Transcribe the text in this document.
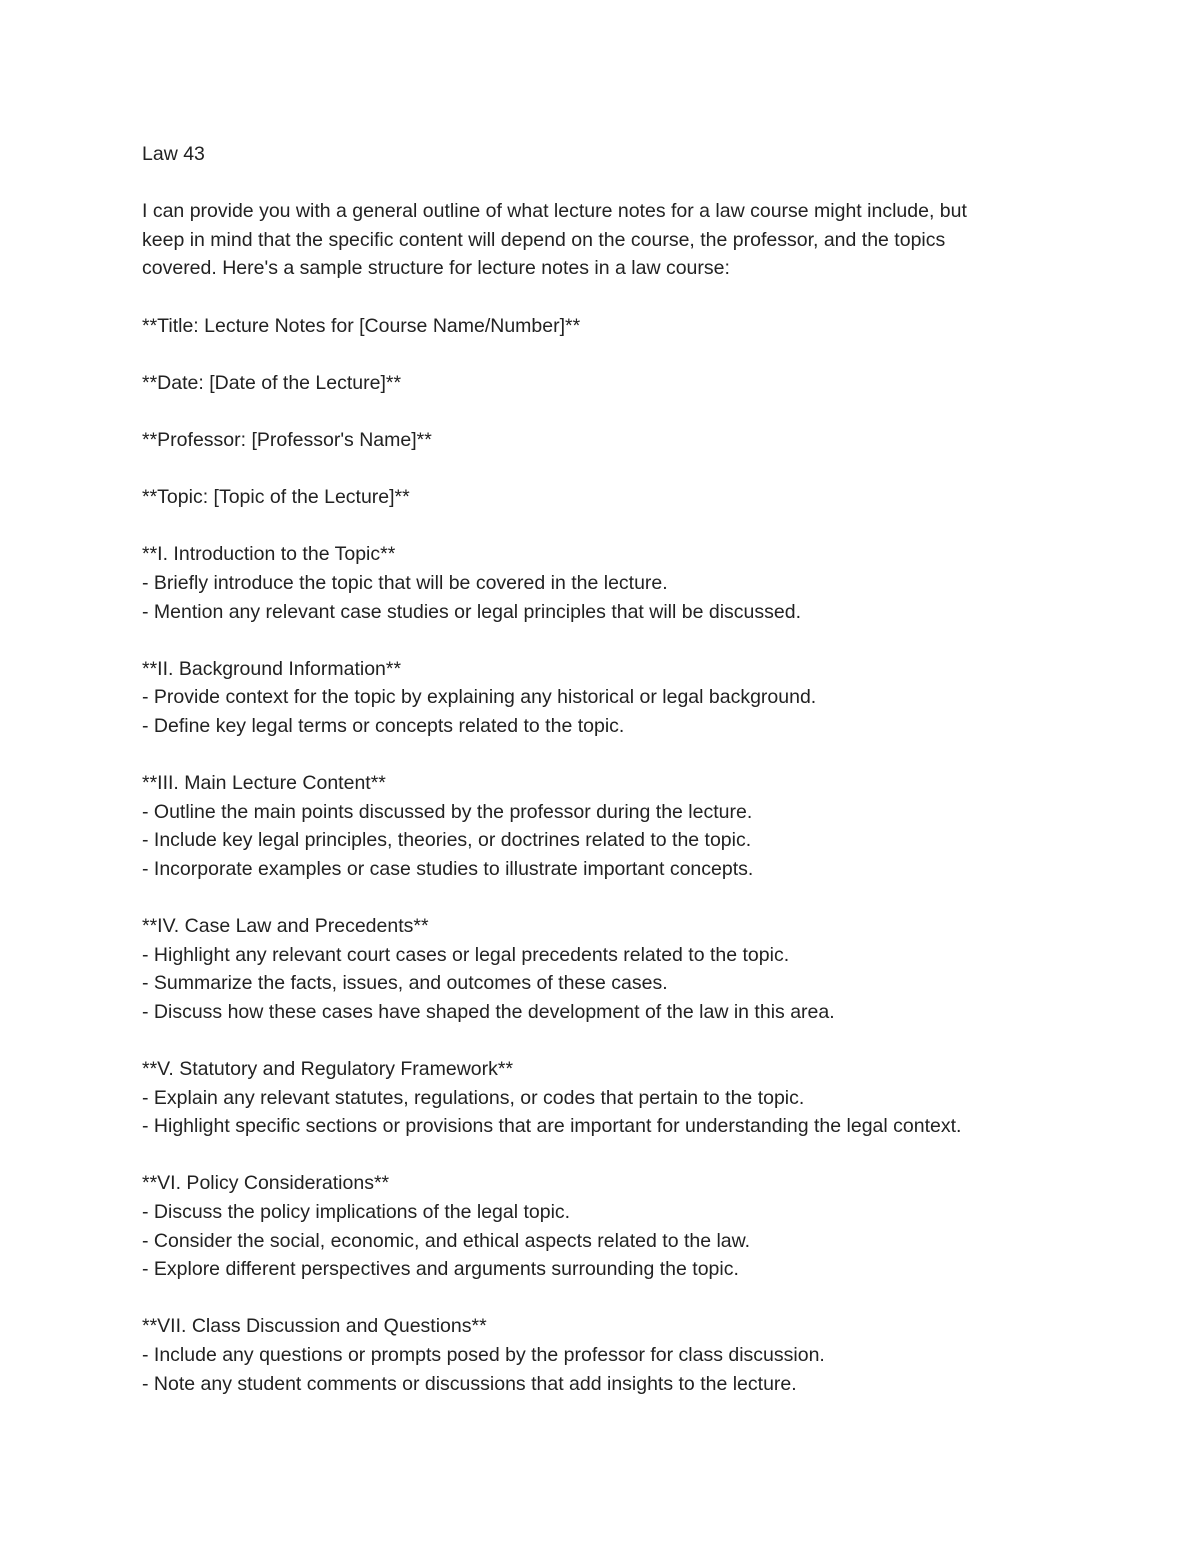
Law 43
I can provide you with a general outline of what lecture notes for a law course might include, but
keep in mind that the specific content will depend on the course, the professor, and the topics
covered. Here's a sample structure for lecture notes in a law course:
**Title: Lecture Notes for [Course Name/Number]**
**Date: [Date of the Lecture]**
**Professor: [Professor's Name]**
**Topic: [Topic of the Lecture]**
**I. Introduction to the Topic**
- Briefly introduce the topic that will be covered in the lecture.
- Mention any relevant case studies or legal principles that will be discussed.
**II. Background Information**
- Provide context for the topic by explaining any historical or legal background.
- Define key legal terms or concepts related to the topic.
**III. Main Lecture Content**
- Outline the main points discussed by the professor during the lecture.
- Include key legal principles, theories, or doctrines related to the topic.
- Incorporate examples or case studies to illustrate important concepts.
**IV. Case Law and Precedents**
- Highlight any relevant court cases or legal precedents related to the topic.
- Summarize the facts, issues, and outcomes of these cases.
- Discuss how these cases have shaped the development of the law in this area.
**V. Statutory and Regulatory Framework**
- Explain any relevant statutes, regulations, or codes that pertain to the topic.
- Highlight specific sections or provisions that are important for understanding the legal context.
**VI. Policy Considerations**
- Discuss the policy implications of the legal topic.
- Consider the social, economic, and ethical aspects related to the law.
- Explore different perspectives and arguments surrounding the topic.
**VII. Class Discussion and Questions**
- Include any questions or prompts posed by the professor for class discussion.
- Note any student comments or discussions that add insights to the lecture.
